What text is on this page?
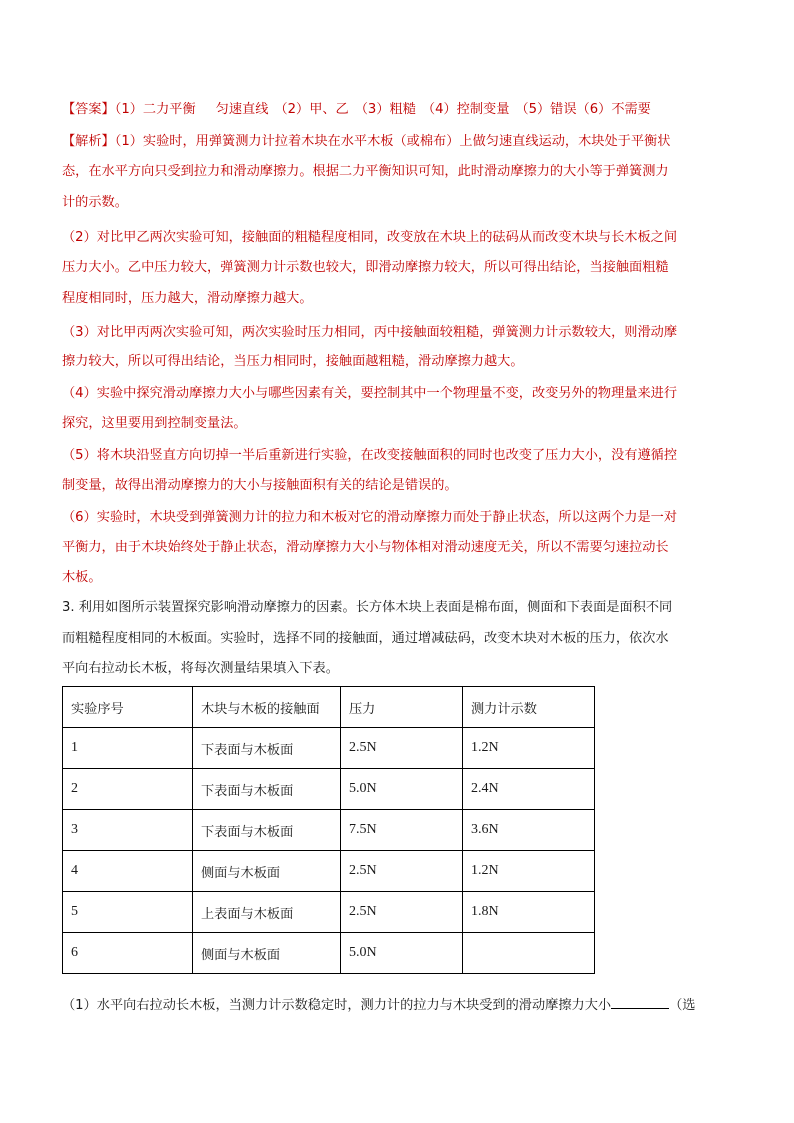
【答案】（1）二力平衡 匀速直线 （2）甲、乙 （3）粗糙 （4）控制变量 （5）错误（6）不需要
【解析】（1）实验时，用弹簧测力计拉着木块在水平木板（或棉布）上做匀速直线运动，木块处于平衡状
态，在水平方向只受到拉力和滑动摩擦力。根据二力平衡知识可知，此时滑动摩擦力的大小等于弹簧测力
计的示数。
（2）对比甲乙两次实验可知，接触面的粗糙程度相同，改变放在木块上的砝码从而改变木块与长木板之间
压力大小。乙中压力较大，弹簧测力计示数也较大，即滑动摩擦力较大，所以可得出结论，当接触面粗糙
程度相同时，压力越大，滑动摩擦力越大。
（3）对比甲丙两次实验可知，两次实验时压力相同，丙中接触面较粗糙，弹簧测力计示数较大，则滑动摩
擦力较大，所以可得出结论，当压力相同时，接触面越粗糙，滑动摩擦力越大。
（4）实验中探究滑动摩擦力大小与哪些因素有关，要控制其中一个物理量不变，改变另外的物理量来进行
探究，这里要用到控制变量法。
（5）将木块沿竖直方向切掉一半后重新进行实验，在改变接触面积的同时也改变了压力大小，没有遵循控
制变量，故得出滑动摩擦力的大小与接触面积有关的结论是错误的。
（6）实验时，木块受到弹簧测力计的拉力和木板对它的滑动摩擦力而处于静止状态，所以这两个力是一对
平衡力，由于木块始终处于静止状态，滑动摩擦力大小与物体相对滑动速度无关，所以不需要匀速拉动长
木板。
3. 利用如图所示装置探究影响滑动摩擦力的因素。长方体木块上表面是棉布面，侧面和下表面是面积不同
而粗糙程度相同的木板面。实验时，选择不同的接触面，通过增减砝码，改变木块对木板的压力，依次水
平向右拉动长木板，将每次测量结果填入下表。
实验序号	木块与木板的接触面	压力	测力计示数
1	下表面与木板面	2.5N	1.2N
2	下表面与木板面	5.0N	2.4N
3	下表面与木板面	7.5N	3.6N
4	侧面与木板面	2.5N	1.2N
5	上表面与木板面	2.5N	1.8N
6	侧面与木板面	5.0N	
（1）水平向右拉动长木板，当测力计示数稳定时，测力计的拉力与木块受到的滑动摩擦力大小	（选
